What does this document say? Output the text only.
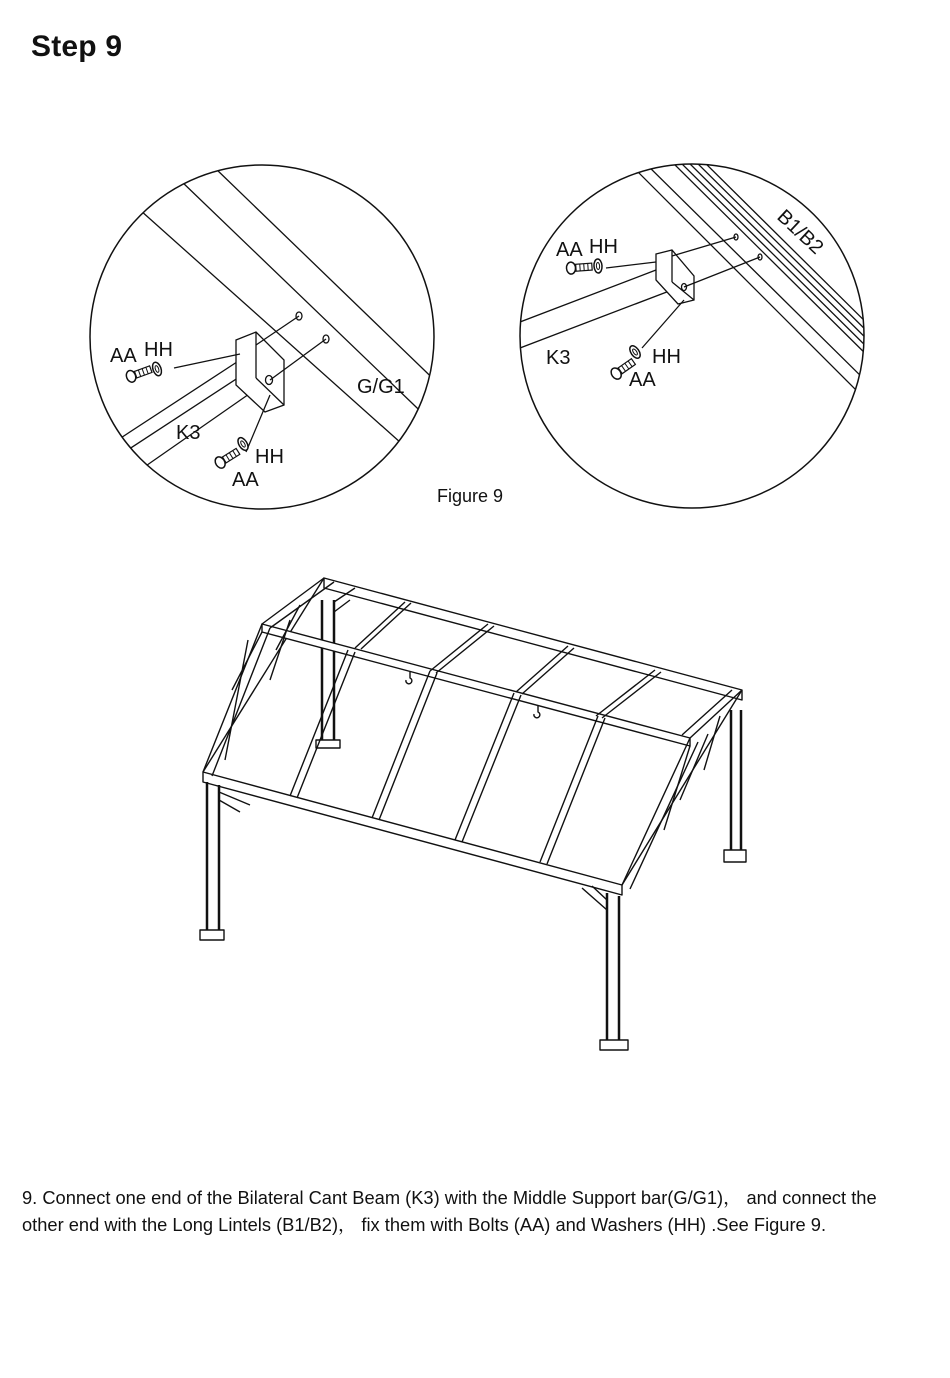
Step 9
AA HH
K3
G/G1
HH
AA
AA HH	B1/B2
K3	HH
AA
Figure 9

9. Connect one end of the Bilateral Cant Beam (K3) with the Middle Support bar(G/G1)， and connect the
other end with the Long Lintels (B1/B2)， fix them with Bolts (AA) and Washers (HH) .See Figure 9.
